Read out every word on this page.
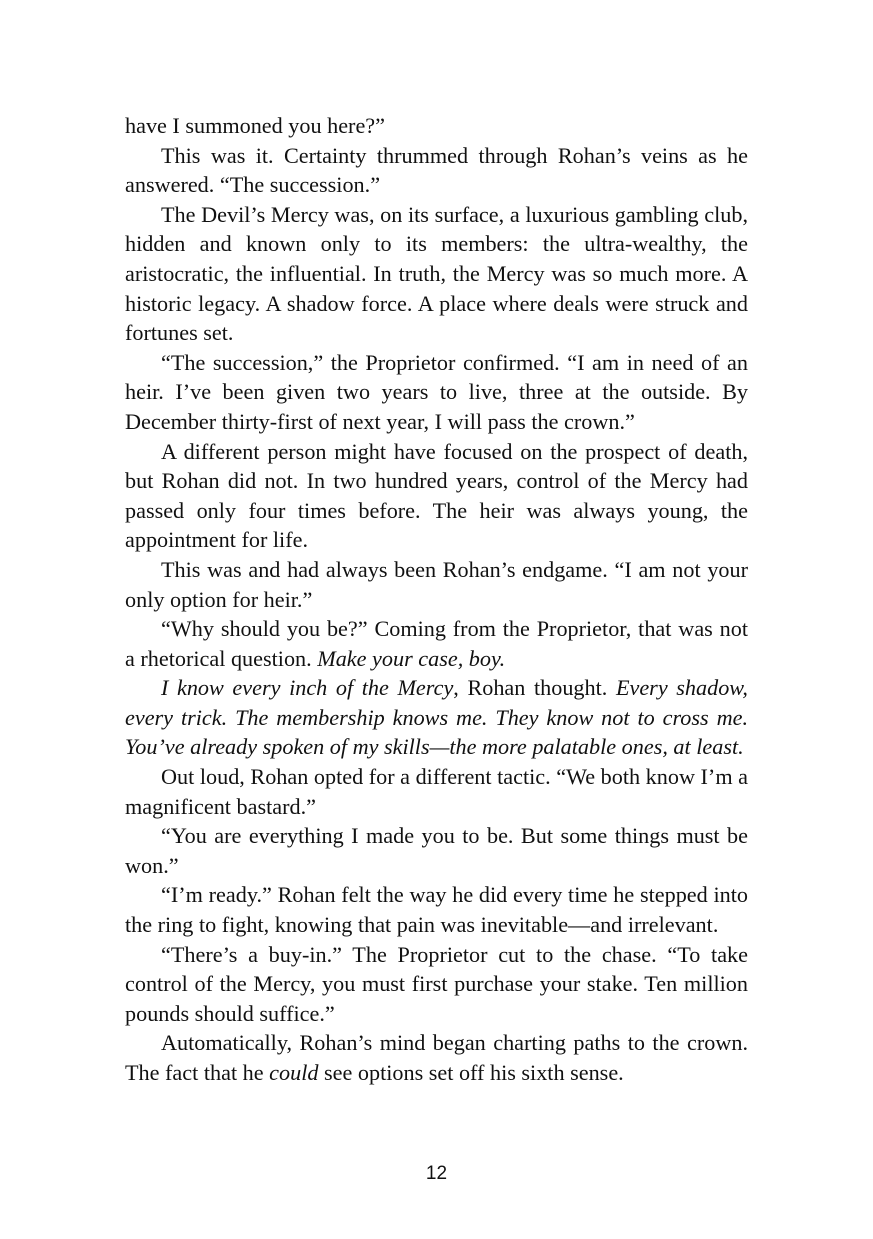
have I summoned you here?”

This was it. Certainty thrummed through Rohan’s veins as he answered. “The succession.”

The Devil’s Mercy was, on its surface, a luxurious gambling club, hidden and known only to its members: the ultra-wealthy, the aristocratic, the influential. In truth, the Mercy was so much more. A historic legacy. A shadow force. A place where deals were struck and fortunes set.

“The succession,” the Proprietor confirmed. “I am in need of an heir. I’ve been given two years to live, three at the outside. By December thirty-first of next year, I will pass the crown.”

A different person might have focused on the prospect of death, but Rohan did not. In two hundred years, control of the Mercy had passed only four times before. The heir was always young, the appointment for life.

This was and had always been Rohan’s endgame. “I am not your only option for heir.”

“Why should you be?” Coming from the Proprietor, that was not a rhetorical question. Make your case, boy.

I know every inch of the Mercy, Rohan thought. Every shadow, every trick. The membership knows me. They know not to cross me. You’ve already spoken of my skills—the more palatable ones, at least.

Out loud, Rohan opted for a different tactic. “We both know I’m a magnificent bastard.”

“You are everything I made you to be. But some things must be won.”

“I’m ready.” Rohan felt the way he did every time he stepped into the ring to fight, knowing that pain was inevitable—and irrelevant.

“There’s a buy-in.” The Proprietor cut to the chase. “To take control of the Mercy, you must first purchase your stake. Ten million pounds should suffice.”

Automatically, Rohan’s mind began charting paths to the crown. The fact that he could see options set off his sixth sense.

12
